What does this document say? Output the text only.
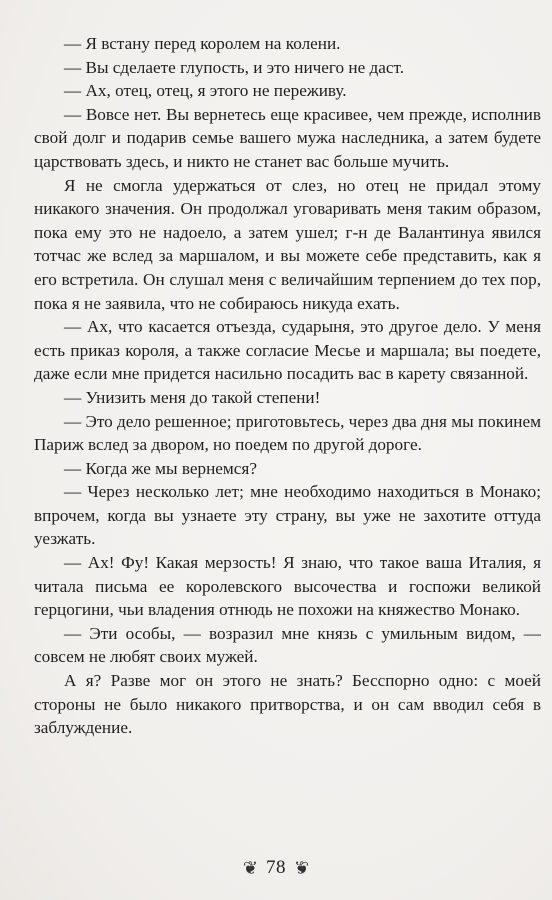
— Я встану перед королем на колени.

— Вы сделаете глупость, и это ничего не даст.

— Ах, отец, отец, я этого не переживу.

— Вовсе нет. Вы вернетесь еще красивее, чем прежде, исполнив свой долг и подарив семье вашего мужа наследника, а затем будете царствовать здесь, и никто не станет вас больше мучить.

Я не смогла удержаться от слез, но отец не придал этому никакого значения. Он продолжал уговаривать меня таким образом, пока ему это не надоело, а затем ушел; г-н де Валантинуа явился тотчас же вслед за маршалом, и вы можете себе представить, как я его встретила. Он слушал меня с величайшим терпением до тех пор, пока я не заявила, что не собираюсь никуда ехать.

— Ах, что касается отъезда, сударыня, это другое дело. У меня есть приказ короля, а также согласие Месье и маршала; вы поедете, даже если мне придется насильно посадить вас в карету связанной.

— Унизить меня до такой степени!

— Это дело решенное; приготовьтесь, через два дня мы покинем Париж вслед за двором, но поедем по другой дороге.

— Когда же мы вернемся?

— Через несколько лет; мне необходимо находиться в Монако; впрочем, когда вы узнаете эту страну, вы уже не захотите оттуда уезжать.

— Ах! Фу! Какая мерзость! Я знаю, что такое ваша Италия, я читала письма ее королевского высочества и госпожи великой герцогини, чьи владения отнюдь не похожи на княжество Монако.

— Эти особы, — возразил мне князь с умильным видом, — совсем не любят своих мужей.

А я? Разве мог он этого не знать? Бесспорно одно: с моей стороны не было никакого притворства, и он сам вводил себя в заблуждение.

❦ 78 ❦
